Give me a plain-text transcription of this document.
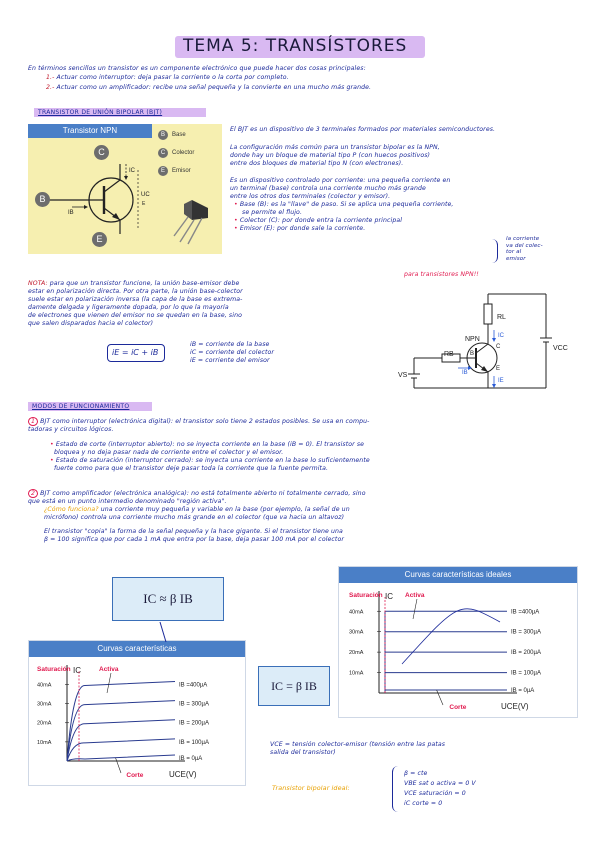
TEMA 5: TRANSÍSTORES
En términos sencillos un transistor es un componente electrónico que puede hacer dos cosas principales:
1.- Actuar como interruptor: deja pasar la corriente o la corta por completo.
2.- Actuar como un amplificador: recibe una señal pequeña y la convierte en una mucho más grande.
TRANSISTOR DE UNIÓN BIPOLAR (BJT)
Transistor NPN
C
B
E
IC
IB
UC
E
B	Base
C	Colector
E	Emisor
El BJT es un dispositivo de 3 terminales formados por materiales semiconductores.
La configuración más común para un transistor bipolar es la NPN,
donde hay un bloque de material tipo P (con huecos positivos)
entre dos bloques de material tipo N (con electrones).
Es un dispositivo controlado por corriente: una pequeña corriente en
un terminal (base) controla una corriente mucho más grande
entre los otros dos terminales (colector y emisor).
• Base (B): es la "llave" de paso. Si se aplica una pequeña corriente,
se permite el flujo.
• Colector (C): por donde entra la corriente principal
• Emisor (E): por donde sale la corriente.
la corriente
va del colec-
tor al
emisor
para transistores NPN!!
NOTA: para que un transistor funcione, la unión base-emisor debe
estar en polarización directa. Por otra parte, la unión base-colector
suele estar en polarización inversa (la capa de la base es extrema-
damente delgada y ligeramente dopada, por lo que la mayoría
de electrones que vienen del emisor no se quedan en la base, sino
que salen disparados hacia el colector)
iE = iC + iB
iB = corriente de la base
iC = corriente del colector
iE = corriente del emisor
NPN
RL
RB
VCC
VS
IC
IB
IE
B
C
E
MODOS DE FUNCIONAMIENTO
1 BJT como interruptor (electrónica digital): el transistor solo tiene 2 estados posibles. Se usa en compu-
tadoras y circuitos lógicos.
• Estado de corte (interruptor abierto): no se inyecta corriente en la base (iB = 0). El transistor se
bloquea y no deja pasar nada de corriente entre el colector y el emisor.
• Estado de saturación (interruptor cerrado): se inyecta una corriente en la base lo suficientemente
fuerte como para que el transistor deje pasar toda la corriente que la fuente permita.
2 BJT como amplificador (electrónica analógica): no está totalmente abierto ni totalmente cerrado, sino
que está en un punto intermedio denominado "región activa".
¿Cómo funciona? una corriente muy pequeña y variable en la base (por ejemplo, la señal de un
micrófono) controla una corriente mucho más grande en el colector (que va hacia un altavoz)
El transistor "copia" la forma de la señal pequeña y la hace gigante. Si el transistor tiene una
β = 100 significa que por cada 1 mA que entra por la base, deja pasar 100 mA por el colector
IC ≈ β IB
Curvas características
IC
UCE(V)
40mA
30mA
20mA
10mA
IB =400µA
IB = 300µA
IB = 200µA
IB = 100µA
IB = 0µA
Saturación	Activa
Corte
Curvas características ideales
IC
UCE(V)
40mA
30mA
20mA
10mA
IB =400µA
IB = 300µA
IB = 200µA
IB = 100µA
IB = 0µA
Saturación	Activa
Corte
IC = β IB
VCE = tensión colector-emisor (tensión entre las patas
salida del transistor)
Transistor bipolar ideal:
β = cte
VBE sat o activa = 0 V
VCE saturación = 0
iC corte = 0
